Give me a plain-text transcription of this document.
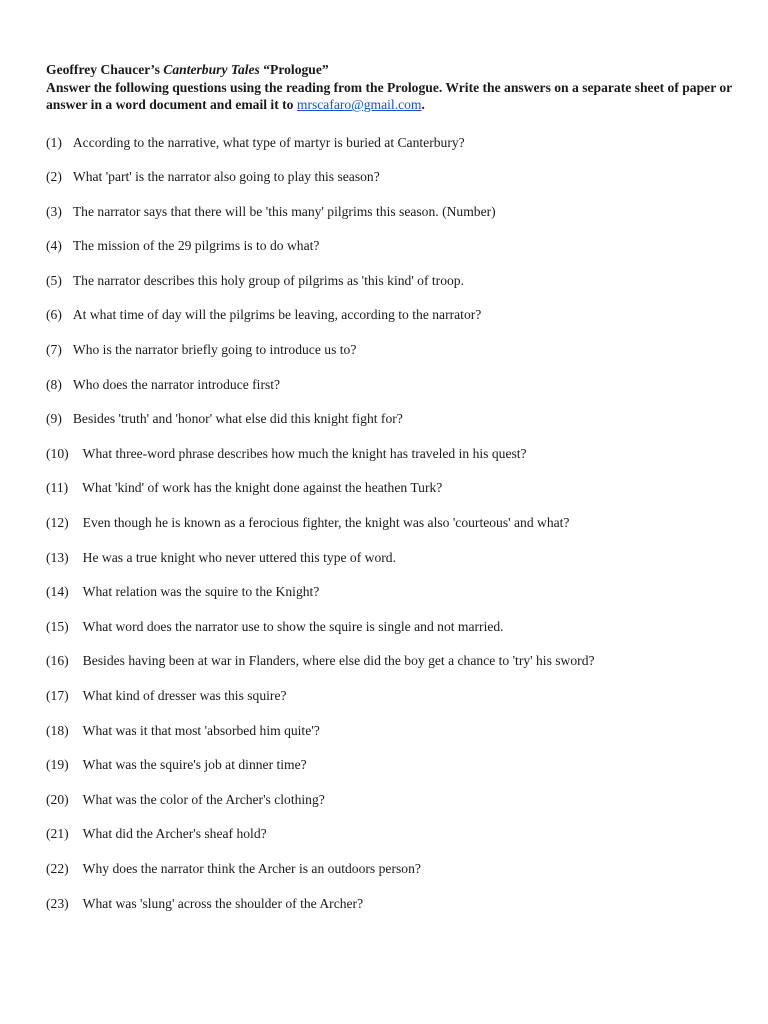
Geoffrey Chaucer’s Canterbury Tales “Prologue”
Answer the following questions using the reading from the Prologue. Write the answers on a separate sheet of paper or answer in a word document and email it to mrscafaro@gmail.com.
(1) According to the narrative, what type of martyr is buried at Canterbury?
(2) What 'part' is the narrator also going to play this season?
(3) The narrator says that there will be 'this many' pilgrims this season. (Number)
(4) The mission of the 29 pilgrims is to do what?
(5) The narrator describes this holy group of pilgrims as 'this kind' of troop.
(6) At what time of day will the pilgrims be leaving, according to the narrator?
(7) Who is the narrator briefly going to introduce us to?
(8) Who does the narrator introduce first?
(9) Besides 'truth' and 'honor' what else did this knight fight for?
(10) What three-word phrase describes how much the knight has traveled in his quest?
(11) What 'kind' of work has the knight done against the heathen Turk?
(12) Even though he is known as a ferocious fighter, the knight was also 'courteous' and what?
(13) He was a true knight who never uttered this type of word.
(14) What relation was the squire to the Knight?
(15) What word does the narrator use to show the squire is single and not married.
(16) Besides having been at war in Flanders, where else did the boy get a chance to 'try' his sword?
(17) What kind of dresser was this squire?
(18) What was it that most 'absorbed him quite'?
(19) What was the squire's job at dinner time?
(20) What was the color of the Archer's clothing?
(21) What did the Archer's sheaf hold?
(22) Why does the narrator think the Archer is an outdoors person?
(23) What was 'slung' across the shoulder of the Archer?
